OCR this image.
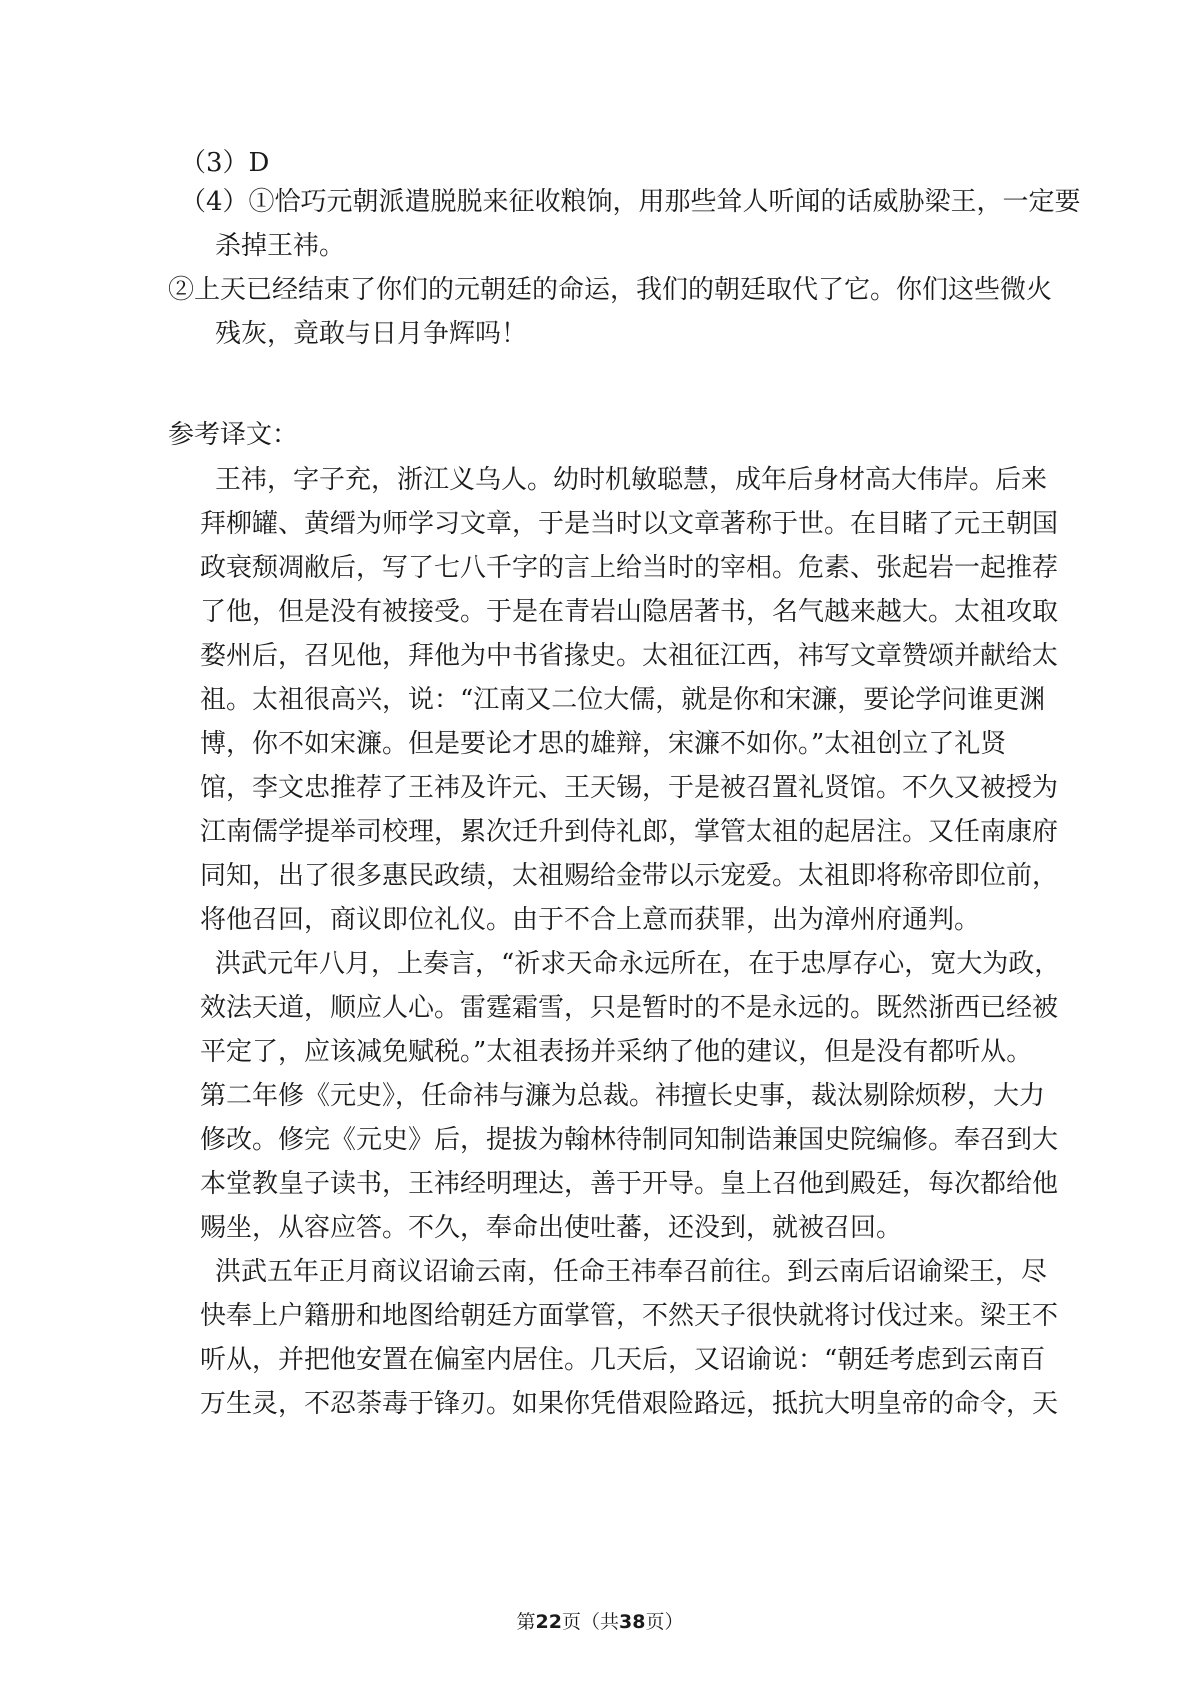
（3）D
（4）①恰巧元朝派遣脱脱来征收粮饷，用那些耸人听闻的话威胁梁王，一定要
杀掉王祎。
②上天已经结束了你们的元朝廷的命运，我们的朝廷取代了它。你们这些微火
残灰，竟敢与日月争辉吗！
参考译文：
王祎，字子充，浙江义乌人。幼时机敏聪慧，成年后身材高大伟岸。后来
拜柳罐、黄缙为师学习文章，于是当时以文章著称于世。在目睹了元王朝国
政衰颓凋敝后，写了七八千字的言上给当时的宰相。危素、张起岩一起推荐
了他，但是没有被接受。于是在青岩山隐居著书，名气越来越大。太祖攻取
婺州后，召见他，拜他为中书省掾史。太祖征江西，祎写文章赞颂并献给太
祖。太祖很高兴，说：“江南又二位大儒，就是你和宋濂，要论学问谁更渊
博，你不如宋濂。但是要论才思的雄辩，宋濂不如你。”太祖创立了礼贤
馆，李文忠推荐了王祎及许元、王天锡，于是被召置礼贤馆。不久又被授为
江南儒学提举司校理，累次迁升到侍礼郎，掌管太祖的起居注。又任南康府
同知，出了很多惠民政绩，太祖赐给金带以示宠爱。太祖即将称帝即位前，
将他召回，商议即位礼仪。由于不合上意而获罪，出为漳州府通判。
洪武元年八月，上奏言，“祈求天命永远所在，在于忠厚存心，宽大为政，
效法天道，顺应人心。雷霆霜雪，只是暂时的不是永远的。既然浙西已经被
平定了，应该减免赋税。”太祖表扬并采纳了他的建议，但是没有都听从。
第二年修《元史》，任命祎与濂为总裁。祎擅长史事，裁汰剔除烦秽，大力
修改。修完《元史》后，提拔为翰林待制同知制诰兼国史院编修。奉召到大
本堂教皇子读书，王祎经明理达，善于开导。皇上召他到殿廷，每次都给他
赐坐，从容应答。不久，奉命出使吐蕃，还没到，就被召回。
洪武五年正月商议诏谕云南，任命王祎奉召前往。到云南后诏谕梁王，尽
快奉上户籍册和地图给朝廷方面掌管，不然天子很快就将讨伐过来。梁王不
听从，并把他安置在偏室内居住。几天后，又诏谕说：“朝廷考虑到云南百
万生灵，不忍荼毒于锋刃。如果你凭借艰险路远，抵抗大明皇帝的命令，天
第22页（共38页）
